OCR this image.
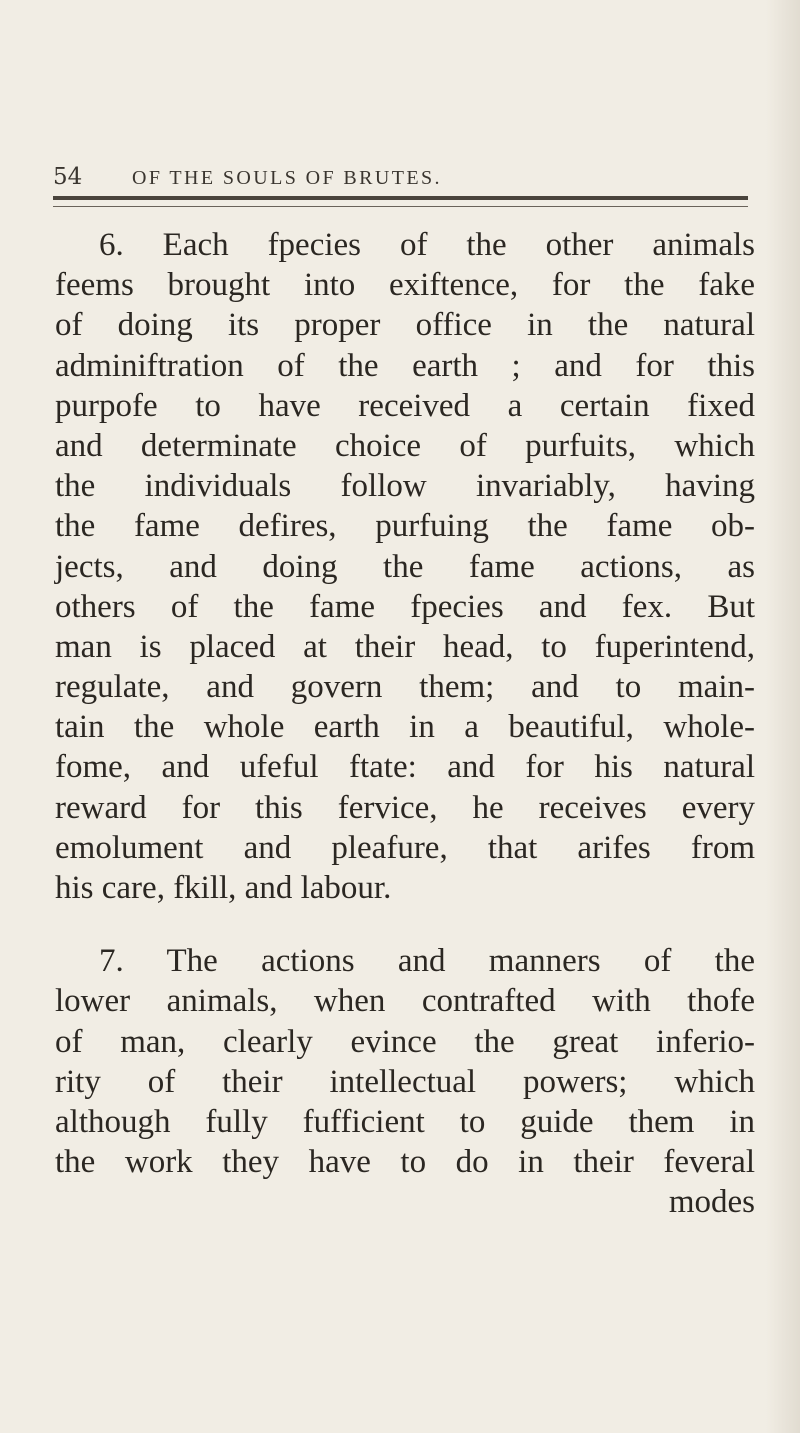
54 OF THE SOULS OF BRUTES.
6. Each fpecies of the other animals
feems brought into exiftence, for the fake
of doing its proper office in the natural
adminiftration of the earth ; and for this
purpofe to have received a certain fixed
and determinate choice of purfuits, which
the individuals follow invariably, having
the fame defires, purfuing the fame ob-
jects, and doing the fame actions, as
others of the fame fpecies and fex. But
man is placed at their head, to fuperintend,
regulate, and govern them; and to main-
tain the whole earth in a beautiful, whole-
fome, and ufeful ftate: and for his natural
reward for this fervice, he receives every
emolument and pleafure, that arifes from
his care, fkill, and labour.
7. The actions and manners of the
lower animals, when contrafted with thofe
of man, clearly evince the great inferio-
rity of their intellectual powers; which
although fully fufficient to guide them in
the work they have to do in their feveral
modes
